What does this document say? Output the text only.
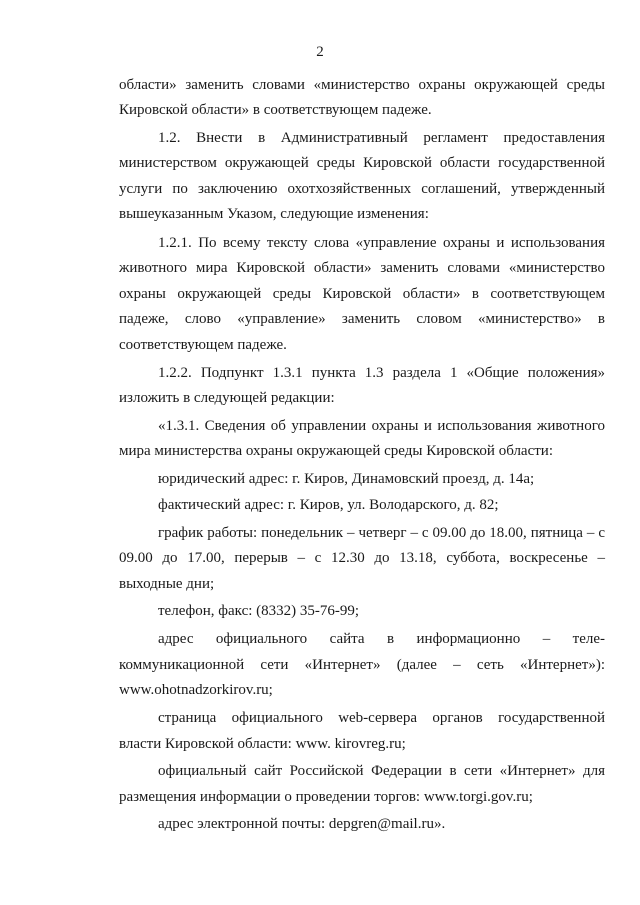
2
области» заменить словами «министерство охраны окружающей среды
Кировской области» в соответствующем падеже.
1.2. Внести в Административный регламент предоставления
министерством окружающей среды Кировской области государственной
услуги по заключению охотхозяйственных соглашений, утвержденный
вышеуказанным Указом, следующие изменения:
1.2.1. По всему тексту слова «управление охраны и использования
животного мира Кировской области» заменить словами «министерство
охраны окружающей среды Кировской области» в соответствующем
падеже, слово «управление» заменить словом «министерство» в
соответствующем падеже.
1.2.2. Подпункт 1.3.1 пункта 1.3 раздела 1 «Общие положения»
изложить в следующей редакции:
«1.3.1. Сведения об управлении охраны и использования животного
мира министерства охраны окружающей среды Кировской области:
юридический адрес: г. Киров, Динамовский проезд, д. 14а;
фактический адрес: г. Киров, ул. Володарского, д. 82;
график работы: понедельник – четверг – с 09.00 до 18.00, пятница – с
09.00 до 17.00, перерыв – с 12.30 до 13.18, суббота, воскресенье –
выходные дни;
телефон, факс: (8332) 35-76-99;
адрес официального сайта в информационно – теле-
коммуникационной сети «Интернет» (далее – сеть «Интернет»):
www.ohotnadzorkirov.ru;
страница официального web-сервера органов государственной
власти Кировской области: www. kirovreg.ru;
официальный сайт Российской Федерации в сети «Интернет» для
размещения информации о проведении торгов: www.torgi.gov.ru;
адрес электронной почты: depgren@mail.ru».
